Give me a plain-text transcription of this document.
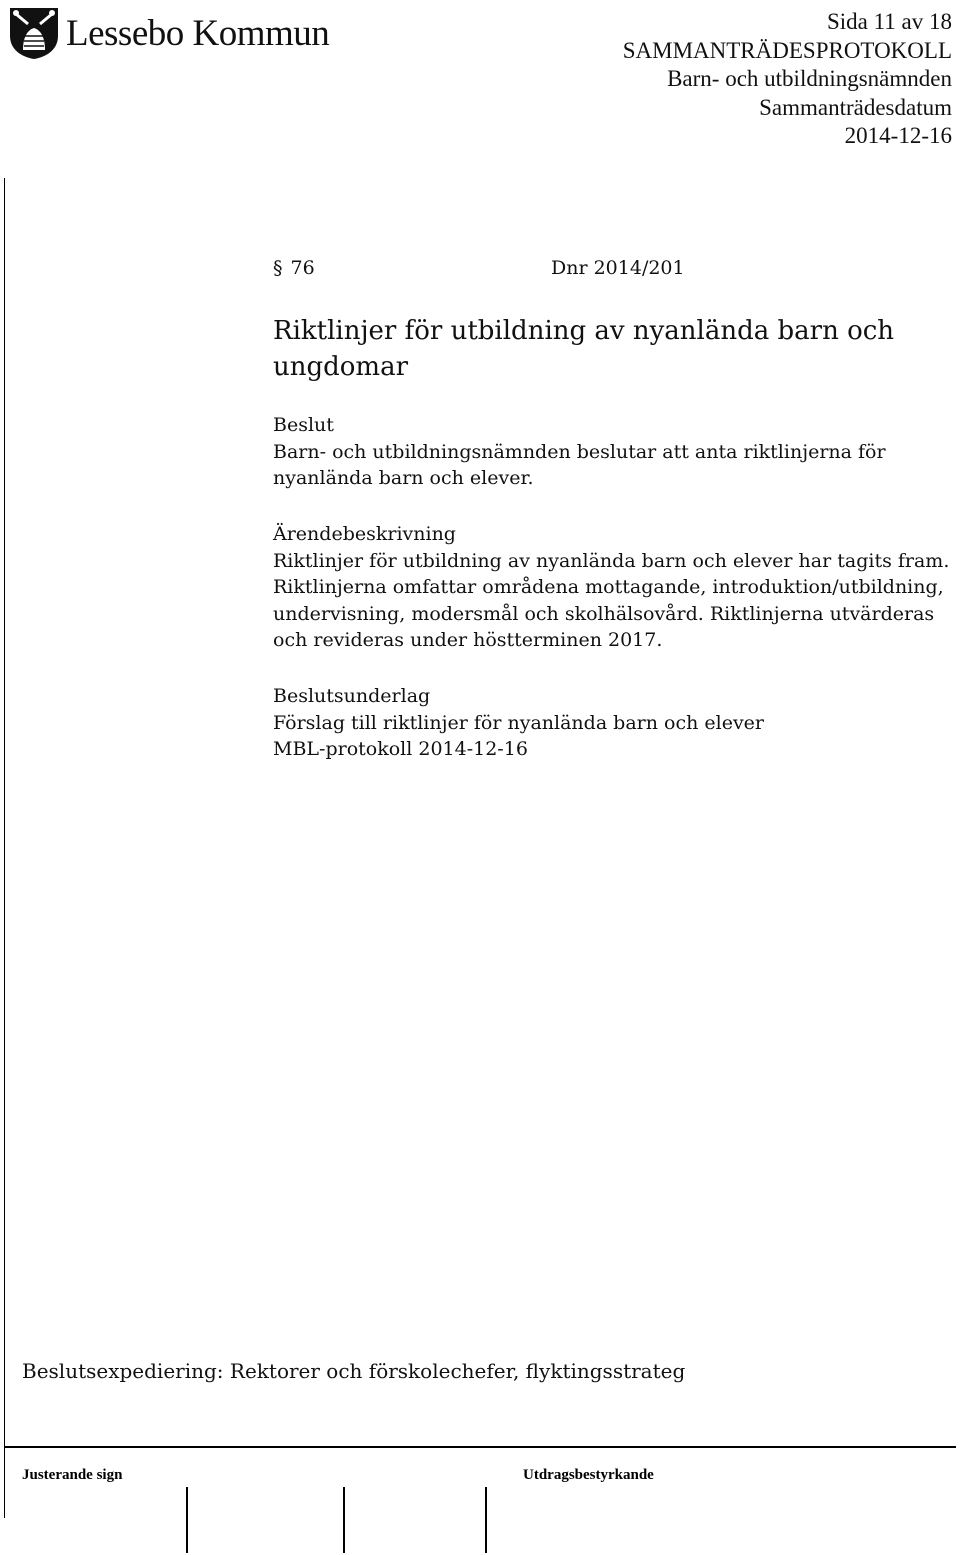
Lessebo Kommun	Sida 11 av 18
SAMMANTRÄDESPROTOKOLL
Barn- och utbildningsnämnden
Sammanträdesdatum
2014-12-16
§ 76	Dnr 2014/201
Riktlinjer för utbildning av nyanlända barn och ungdomar
Beslut
Barn- och utbildningsnämnden beslutar att anta riktlinjerna för
nyanlända barn och elever.
Ärendebeskrivning
Riktlinjer för utbildning av nyanlända barn och elever har tagits fram.
Riktlinjerna omfattar områdena mottagande, introduktion/utbildning,
undervisning, modersmål och skolhälsovård. Riktlinjerna utvärderas
och revideras under höstterminen 2017.
Beslutsunderlag
Förslag till riktlinjer för nyanlända barn och elever
MBL-protokoll 2014-12-16
Beslutsexpediering: Rektorer och förskolechefer, flyktingsstrateg
Justerande sign	Utdragsbestyrkande
